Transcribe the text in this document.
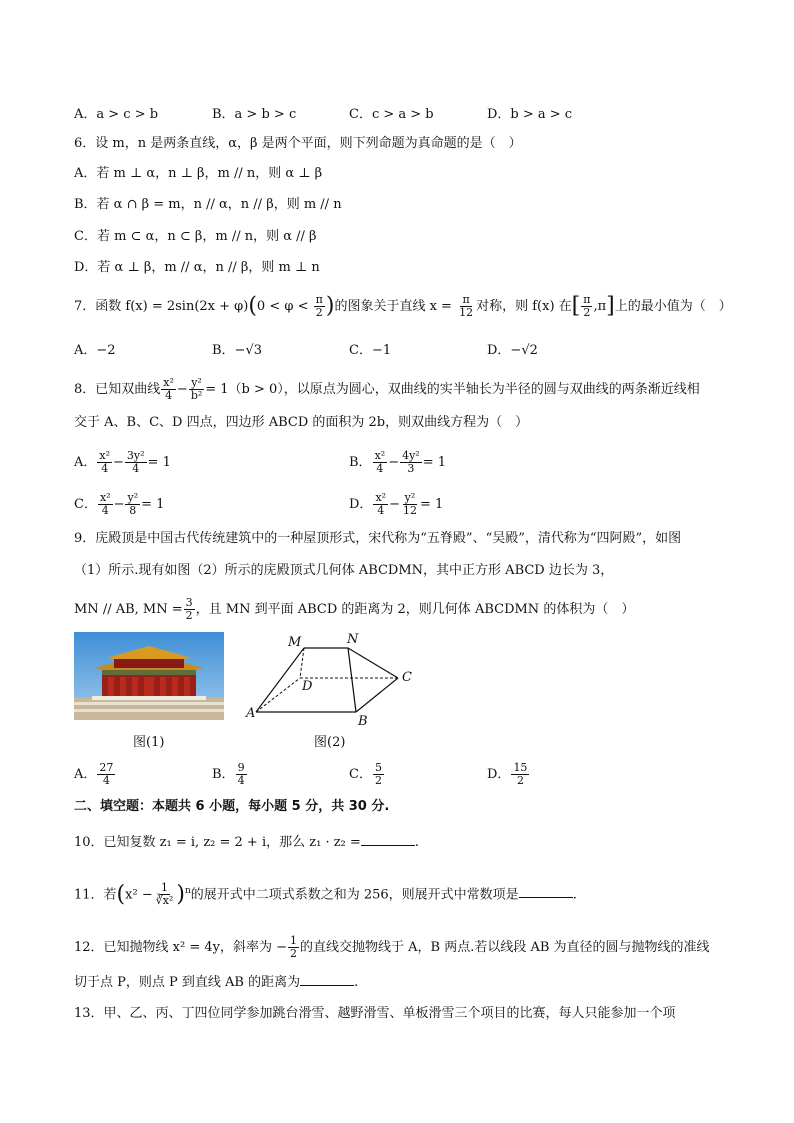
A．a > c > b	B．a > b > c	C．c > a > b	D．b > a > c
6．设 m，n 是两条直线，α，β 是两个平面，则下列命题为真命题的是（　）
A．若 m ⊥ α，n ⊥ β，m // n，则 α ⊥ β
B．若 α ∩ β = m，n // α，n // β，则 m // n
C．若 m ⊂ α，n ⊂ β，m // n，则 α // β
D．若 α ⊥ β，m // α，n // β，则 m ⊥ n
7．函数 $f(x) = 2\sin(2x + \varphi)(0 < \varphi < \frac{\pi}{2}$ )的图象关于直线 $x = \frac{\pi}{12}$ 对称，则 f(x) 在[ $\frac{\pi}{2} ,\pi$]上的最小值为（　）
A．−2	B．−√3	C．−1	D．−√2
8．已知双曲线 $\frac{\text{x²}}{4} - \frac{\text{y²}}{\text{b²}} = 1(b > 0)$，以原点为圆心，双曲线的实半轴长为半径的圆与双曲线的两条渐近线相
交于 A、B、C、D 四点，四边形 ABCD 的面积为 2b，则双曲线方程为（　）
A． $\frac{\text{x²}}{4} - \frac{\text{3y²}}{4} = 1$	B． $\frac{\text{x²}}{4} - \frac{\text{4y²}}{3} = 1$
C． $\frac{\text{x²}}{4} - \frac{\text{y²}}{8} = 1$	D． $\frac{\text{x²}}{4} - \frac{\text{y²}}{12} = 1$
9．庑殿顶是中国古代传统建筑中的一种屋顶形式，宋代称为“五脊殿”、“吴殿”，清代称为“四阿殿”，如图
（1）所示.现有如图（2）所示的庑殿顶式几何体 ABCDMN，其中正方形 ABCD 边长为 3，
MN // AB, MN = $\frac{3}{2}$ ，且 MN 到平面 ABCD 的距离为 2，则几何体 ABCDMN 的体积为（　）
图(1)
M	N
D
C
A
B
图(2)
A． $\frac{27}{4}$	B． $\frac{9}{4}$	C． $\frac{5}{2}$	D． $\frac{15}{2}$
二、填空题：本题共 6 小题，每小题 5 分，共 30 分.
10．已知复数 z₁ = i, z₂ = 2 + i，那么 z₁ · z₂ =	.
11．若$(x^2 - \frac{1}{\text{∛x²}} )^n$的展开式中二项式系数之和为 256，则展开式中常数项是	.
12．已知抛物线 x² = 4y，斜率为 − $\frac{1}{2}$ 的直线交抛物线于 A，B 两点.若以线段 AB 为直径的圆与抛物线的准线
切于点 P，则点 P 到直线 AB 的距离为	.
13．甲、乙、丙、丁四位同学参加跳台滑雪、越野滑雪、单板滑雪三个项目的比赛，每人只能参加一个项
